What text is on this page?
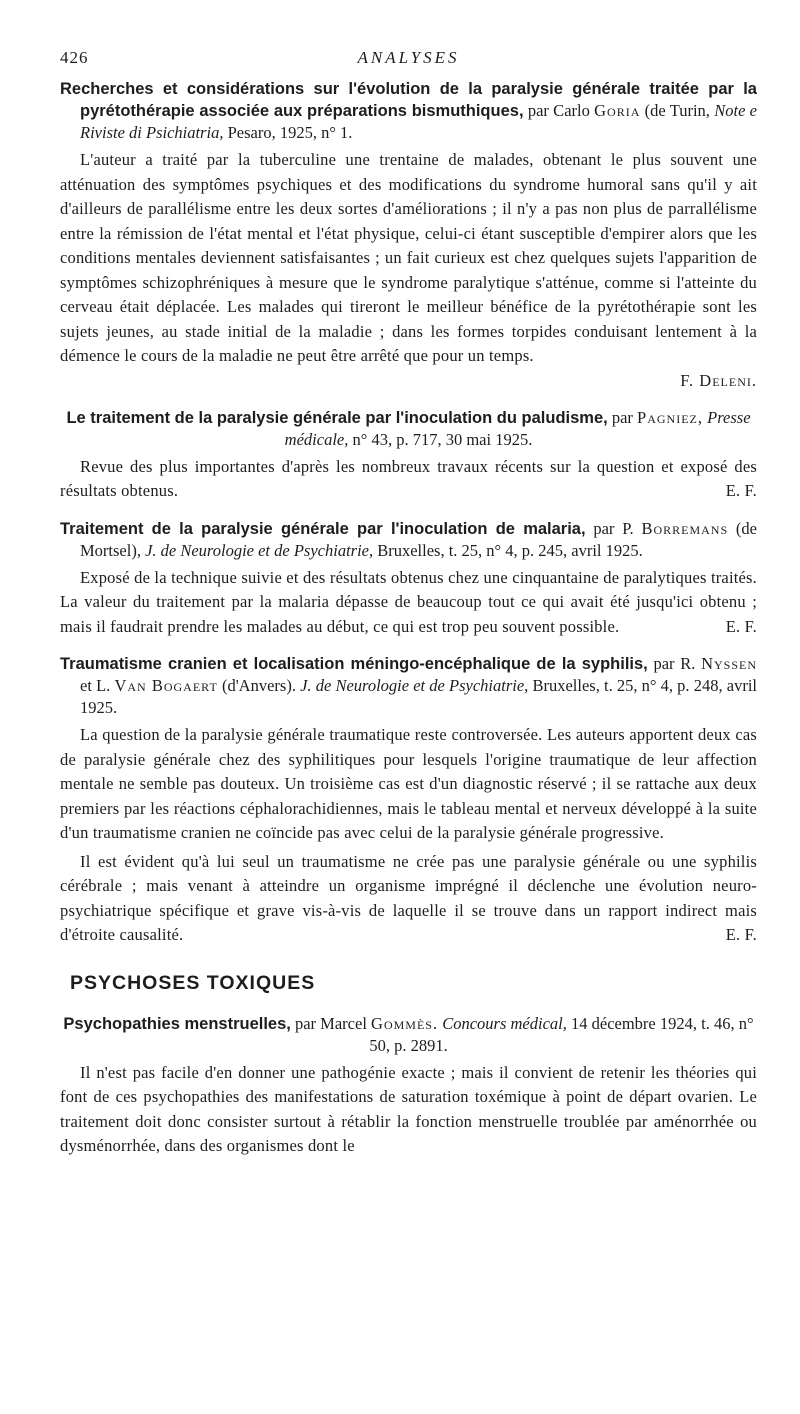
426	ANALYSES

Recherches et considérations sur l'évolution de la paralysie générale traitée par la pyrétothérapie associée aux préparations bismuthiques, par Carlo Goria (de Turin, Note e Riviste di Psichiatria, Pesaro, 1925, n° 1.

L'auteur a traité par la tuberculine une trentaine de malades, obtenant le plus souvent une atténuation des symptômes psychiques et des modifications du syndrome humoral sans qu'il y ait d'ailleurs de parallélisme entre les deux sortes d'améliorations ; il n'y a pas non plus de parrallélisme entre la rémission de l'état mental et l'état physique, celui-ci étant susceptible d'empirer alors que les conditions mentales deviennent satisfaisantes ; un fait curieux est chez quelques sujets l'apparition de symptômes schizophréniques à mesure que le syndrome paralytique s'atténue, comme si l'atteinte du cerveau était déplacée. Les malades qui tireront le meilleur bénéfice de la pyrétothérapie sont les sujets jeunes, au stade initial de la maladie ; dans les formes torpides conduisant lentement à la démence le cours de la maladie ne peut être arrêté que pour un temps.

F. Deleni.

Le traitement de la paralysie générale par l'inoculation du paludisme, par Pagniez, Presse médicale, n° 43, p. 717, 30 mai 1925.

Revue des plus importantes d'après les nombreux travaux récents sur la question et exposé des résultats obtenus.	E. F.

Traitement de la paralysie générale par l'inoculation de malaria, par P. Borremans (de Mortsel), J. de Neurologie et de Psychiatrie, Bruxelles, t. 25, n° 4, p. 245, avril 1925.

Exposé de la technique suivie et des résultats obtenus chez une cinquantaine de paralytiques traités. La valeur du traitement par la malaria dépasse de beaucoup tout ce qui avait été jusqu'ici obtenu ; mais il faudrait prendre les malades au début, ce qui est trop peu souvent possible.	E. F.

Traumatisme cranien et localisation méningo-encéphalique de la syphilis, par R. Nyssen et L. Van Bogaert (d'Anvers). J. de Neurologie et de Psychiatrie, Bruxelles, t. 25, n° 4, p. 248, avril 1925.

La question de la paralysie générale traumatique reste controversée. Les auteurs apportent deux cas de paralysie générale chez des syphilitiques pour lesquels l'origine traumatique de leur affection mentale ne semble pas douteux. Un troisième cas est d'un diagnostic réservé ; il se rattache aux deux premiers par les réactions céphalorachidiennes, mais le tableau mental et nerveux développé à la suite d'un traumatisme cranien ne coïncide pas avec celui de la paralysie générale progressive.

Il est évident qu'à lui seul un traumatisme ne crée pas une paralysie générale ou une syphilis cérébrale ; mais venant à atteindre un organisme imprégné il déclenche une évolution neuro-psychiatrique spécifique et grave vis-à-vis de laquelle il se trouve dans un rapport indirect mais d'étroite causalité.	E. F.

PSYCHOSES TOXIQUES

Psychopathies menstruelles, par Marcel Gommès. Concours médical, 14 décembre 1924, t. 46, n° 50, p. 2891.

Il n'est pas facile d'en donner une pathogénie exacte ; mais il convient de retenir les théories qui font de ces psychopathies des manifestations de saturation toxémique à point de départ ovarien. Le traitement doit donc consister surtout à rétablir la fonction menstruelle troublée par aménorrhée ou dysménorrhée, dans des organismes dont le
